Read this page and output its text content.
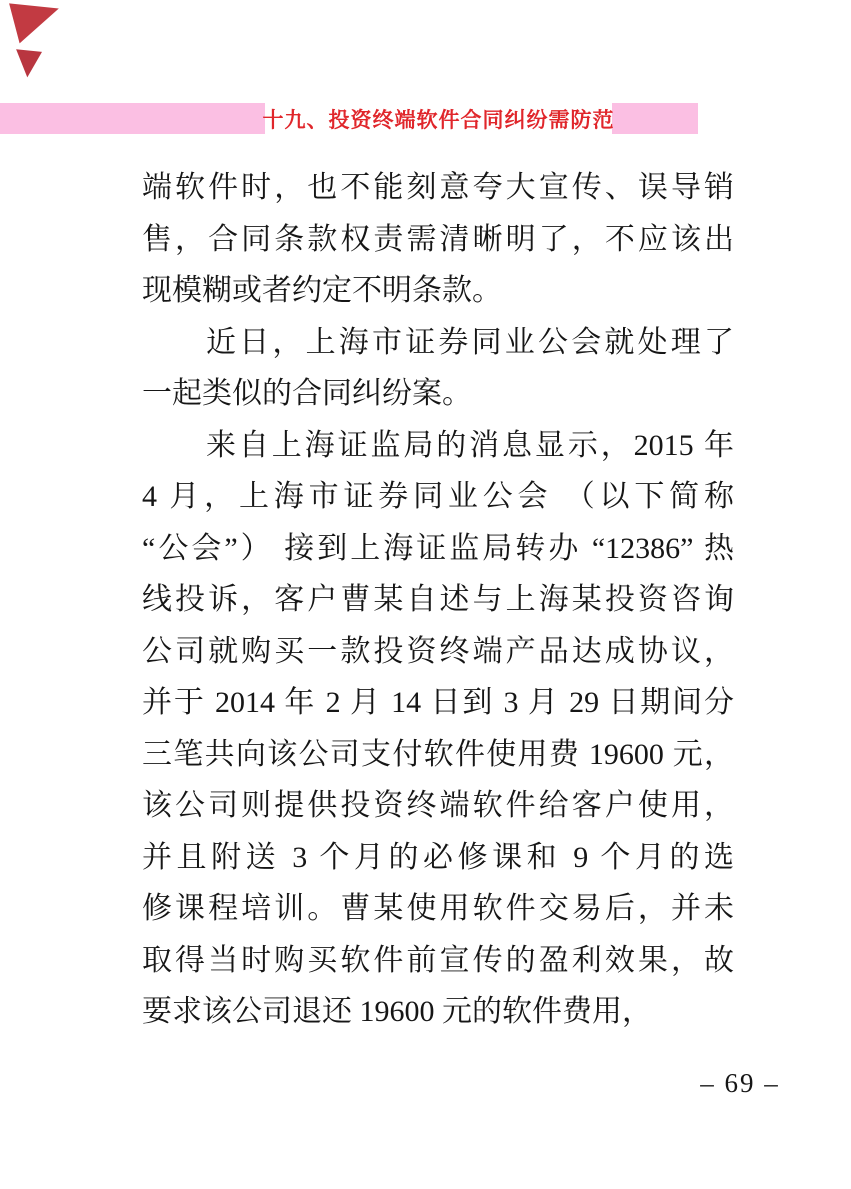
十九、投资终端软件合同纠纷需防范
端软件时，也不能刻意夸大宣传、误导销
售，合同条款权责需清晰明了，不应该出
现模糊或者约定不明条款。
近日，上海市证券同业公会就处理了
一起类似的合同纠纷案。
来自上海证监局的消息显示，2015 年
4 月，上海市证券同业公会 （以下简称
“公会”） 接到上海证监局转办 “12386” 热
线投诉，客户曹某自述与上海某投资咨询
公司就购买一款投资终端产品达成协议，
并于 2014 年 2 月 14 日到 3 月 29 日期间分
三笔共向该公司支付软件使用费 19600 元，
该公司则提供投资终端软件给客户使用，
并且附送 3 个月的必修课和 9 个月的选
修课程培训。曹某使用软件交易后，并未
取得当时购买软件前宣传的盈利效果，故
要求该公司退还 19600 元的软件费用，
– 69 –
